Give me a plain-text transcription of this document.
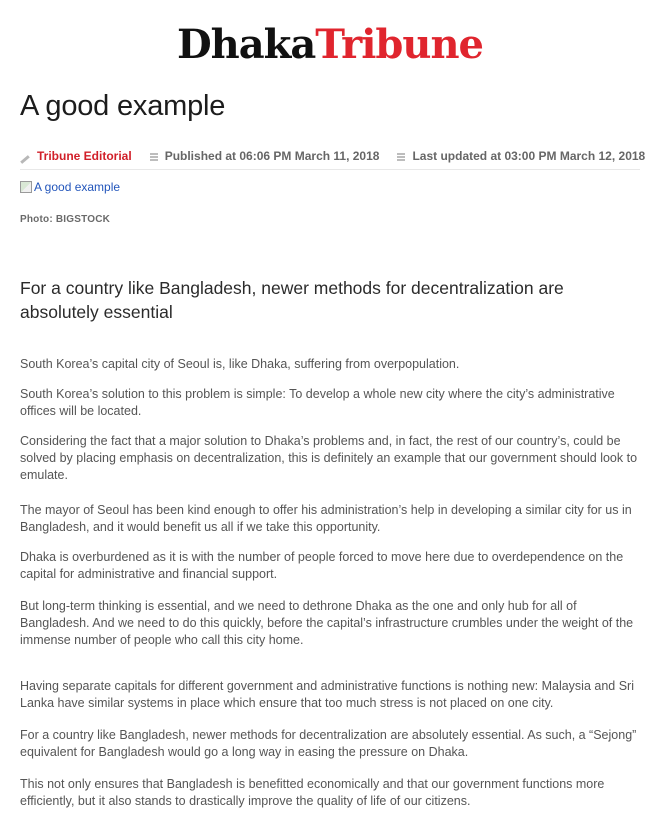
DhakaTribune
A good example
Tribune Editorial	Published at 06:06 PM March 11, 2018	Last updated at 03:00 PM March 12, 2018
A good example
Photo: BIGSTOCK
For a country like Bangladesh, newer methods for decentralization are absolutely essential

South Korea’s capital city of Seoul is, like Dhaka, suffering from overpopulation.

South Korea’s solution to this problem is simple: To develop a whole new city where the city’s administrative offices will be located.

Considering the fact that a major solution to Dhaka’s problems and, in fact, the rest of our country’s, could be solved by placing emphasis on decentralization, this is definitely an example that our government should look to emulate.

The mayor of Seoul has been kind enough to offer his administration’s help in developing a similar city for us in Bangladesh, and it would benefit us all if we take this opportunity.

Dhaka is overburdened as it is with the number of people forced to move here due to overdependence on the capital for administrative and financial support.

But long-term thinking is essential, and we need to dethrone Dhaka as the one and only hub for all of Bangladesh. And we need to do this quickly, before the capital’s infrastructure crumbles under the weight of the immense number of people who call this city home.

Having separate capitals for different government and administrative functions is nothing new: Malaysia and Sri Lanka have similar systems in place which ensure that too much stress is not placed on one city.

For a country like Bangladesh, newer methods for decentralization are absolutely essential. As such, a “Sejong” equivalent for Bangladesh would go a long way in easing the pressure on Dhaka.

This not only ensures that Bangladesh is benefitted economically and that our government functions more efficiently, but it also stands to drastically improve the quality of life of our citizens.
